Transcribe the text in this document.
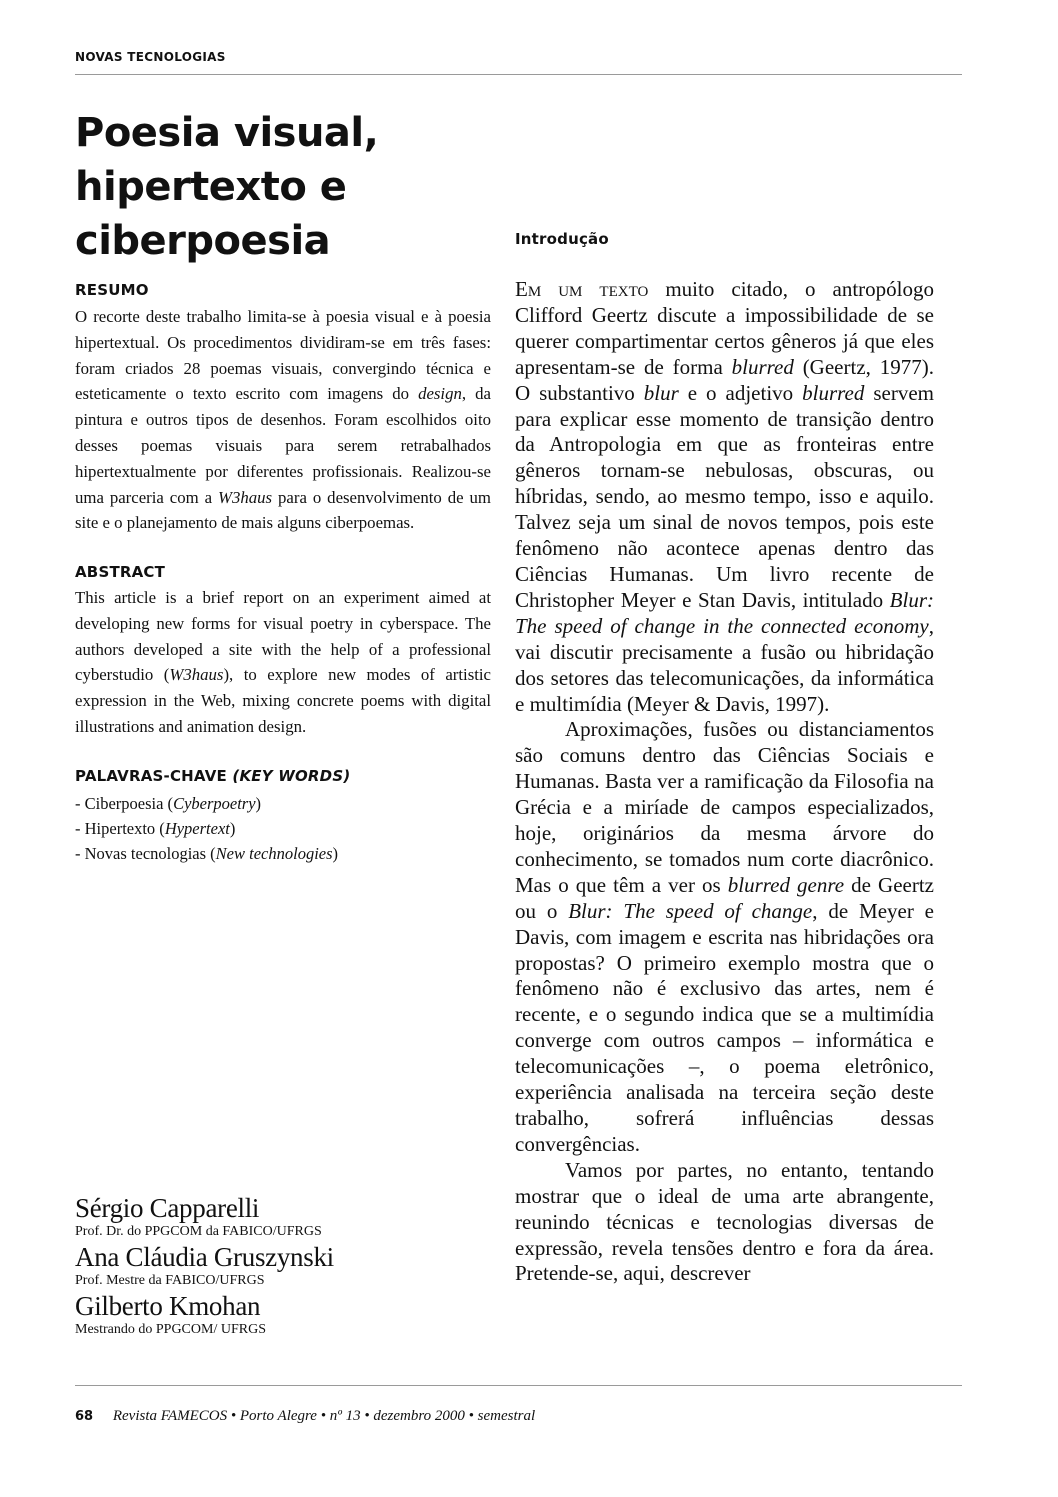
NOVAS TECNOLOGIAS
Poesia visual,
hipertexto e
ciberpoesia
RESUMO

O recorte deste trabalho limita-se à poesia visual e à poesia hipertextual. Os procedimentos dividiram-se em três fases: foram criados 28 poemas visuais, convergindo técnica e esteticamente o texto escrito com imagens do design, da pintura e outros tipos de desenhos. Foram escolhidos oito desses poemas visuais para serem retrabalhados hipertextualmente por diferentes profissionais. Realizou-se uma parceria com a W3haus para o desenvolvimento de um site e o planejamento de mais alguns ciberpoemas.

ABSTRACT

This article is a brief report on an experiment aimed at developing new forms for visual poetry in cyberspace. The authors developed a site with the help of a professional cyberstudio (W3haus), to explore new modes of artistic expression in the Web, mixing concrete poems with digital illustrations and animation design.

PALAVRAS-CHAVE (KEY WORDS)
- Ciberpoesia (Cyberpoetry)
- Hipertexto (Hypertext)
- Novas tecnologias (New technologies)
Sérgio Capparelli
Prof. Dr. do PPGCOM da FABICO/UFRGS
Ana Cláudia Gruszynski
Prof. Mestre da FABICO/UFRGS
Gilberto Kmohan
Mestrando do PPGCOM/ UFRGS
Introdução

Em um texto muito citado, o antropólogo Clifford Geertz discute a impossibilidade de se querer compartimentar certos gêneros já que eles apresentam-se de forma blurred (Geertz, 1977). O substantivo blur e o adjetivo blurred servem para explicar esse momento de transição dentro da Antropologia em que as fronteiras entre gêneros tornam-se nebulosas, obscuras, ou híbridas, sendo, ao mesmo tempo, isso e aquilo. Talvez seja um sinal de novos tempos, pois este fenômeno não acontece apenas dentro das Ciências Humanas. Um livro recente de Christopher Meyer e Stan Davis, intitulado Blur: The speed of change in the connected economy, vai discutir precisamente a fusão ou hibridação dos setores das telecomunicações, da informática e multimídia (Meyer & Davis, 1997).

Aproximações, fusões ou distanciamentos são comuns dentro das Ciências Sociais e Humanas. Basta ver a ramificação da Filosofia na Grécia e a miríade de campos especializados, hoje, originários da mesma árvore do conhecimento, se tomados num corte diacrônico. Mas o que têm a ver os blurred genre de Geertz ou o Blur: The speed of change, de Meyer e Davis, com imagem e escrita nas hibridações ora propostas? O primeiro exemplo mostra que o fenômeno não é exclusivo das artes, nem é recente, e o segundo indica que se a multimídia converge com outros campos – informática e telecomunicações –, o poema eletrônico, experiência analisada na terceira seção deste trabalho, sofrerá influências dessas convergências.

Vamos por partes, no entanto, tentando mostrar que o ideal de uma arte abrangente, reunindo técnicas e tecnologias diversas de expressão, revela tensões dentro e fora da área. Pretende-se, aqui, descrever

68 Revista FAMECOS • Porto Alegre • nº 13 • dezembro 2000 • semestral
